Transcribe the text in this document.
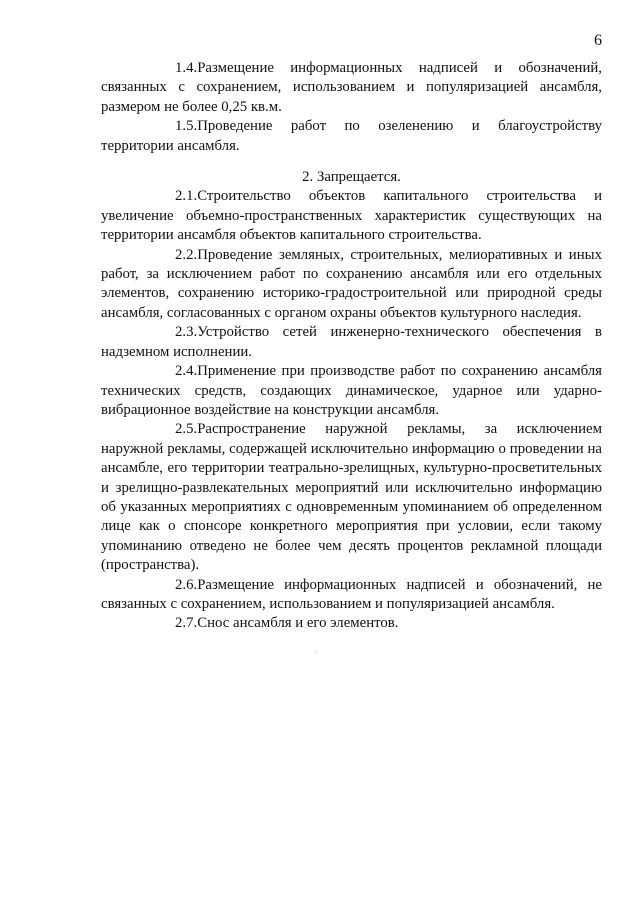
6

1.4.Размещение информационных надписей и обозначений, связанных с сохранением, использованием и популяризацией ансамбля, размером не более 0,25 кв.м.

1.5.Проведение работ по озеленению и благоустройству территории ансамбля.

2. Запрещается.

2.1.Строительство объектов капитального строительства и увеличение объемно-пространственных характеристик существующих на территории ансамбля объектов капитального строительства.

2.2.Проведение земляных, строительных, мелиоративных и иных работ, за исключением работ по сохранению ансамбля или его отдельных элементов, сохранению историко-градостроительной или природной среды ансамбля, согласованных с органом охраны объектов культурного наследия.

2.3.Устройство сетей инженерно-технического обеспечения в надземном исполнении.

2.4.Применение при производстве работ по сохранению ансамбля технических средств, создающих динамическое, ударное или ударно-вибрационное воздействие на конструкции ансамбля.

2.5.Распространение наружной рекламы, за исключением наружной рекламы, содержащей исключительно информацию о проведении на ансамбле, его территории театрально-зрелищных, культурно-просветительных и зрелищно-развлекательных мероприятий или исключительно информацию об указанных мероприятиях с одновременным упоминанием об определенном лице как о спонсоре конкретного мероприятия при условии, если такому упоминанию отведено не более чем десять процентов рекламной площади (пространства).

2.6.Размещение информационных надписей и обозначений, не связанных с сохранением, использованием и популяризацией ансамбля.

2.7.Снос ансамбля и его элементов.
